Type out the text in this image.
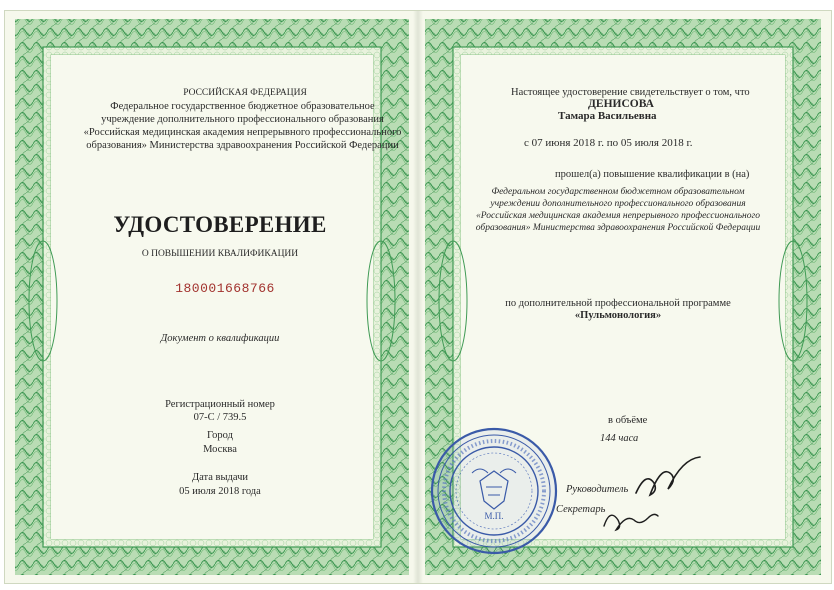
РОССИЙСКАЯ ФЕДЕРАЦИЯ

Федеральное государственное бюджетное образовательное

учреждение дополнительного профессионального образования

«Российская медицинская академия непрерывного профессионального

образования» Министерства здравоохранения Российской Федерации

УДОСТОВЕРЕНИЕ

О ПОВЫШЕНИИ КВАЛИФИКАЦИИ

180001668766

Документ о квалификации

Регистрационный номер

07-С / 739.5

Город

Москва

Дата выдачи

05 июля 2018 года

Настоящее удостоверение свидетельствует о том, что

ДЕНИСОВА

Тамара Васильевна

с 07 июня 2018 г. по 05 июля 2018 г.

прошел(а) повышение квалификации в (на)

Федеральном государственном бюджетном образовательном

учреждении дополнительного профессионального образования

«Российская медицинская академия непрерывного профессионального

образования» Министерства здравоохранения Российской Федерации

по дополнительной профессиональной программе

«Пульмонология»

в объёме

144 часа

Руководитель

Секретарь

М.П.
